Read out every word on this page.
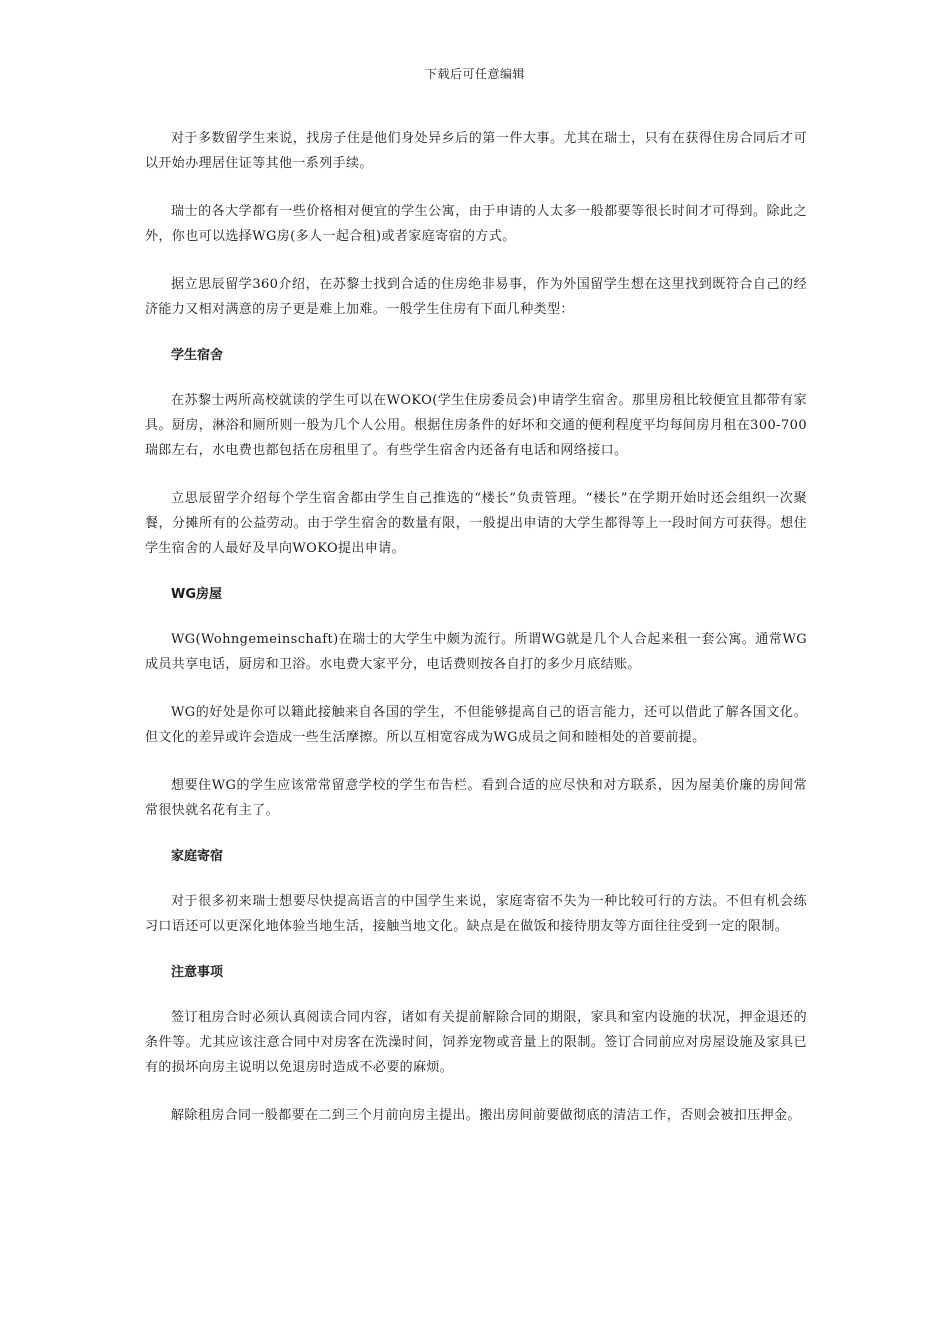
下载后可任意编辑

对于多数留学生来说，找房子住是他们身处异乡后的第一件大事。尤其在瑞士，只有在获得住房合同后才可以开始办理居住证等其他一系列手续。

瑞士的各大学都有一些价格相对便宜的学生公寓，由于申请的人太多一般都要等很长时间才可得到。除此之外，你也可以选择WG房(多人一起合租)或者家庭寄宿的方式。

据立思辰留学360介绍，在苏黎士找到合适的住房绝非易事，作为外国留学生想在这里找到既符合自己的经济能力又相对满意的房子更是难上加难。一般学生住房有下面几种类型：

学生宿舍

在苏黎士两所高校就读的学生可以在WOKO(学生住房委员会)申请学生宿舍。那里房租比较便宜且都带有家具。厨房，淋浴和厕所则一般为几个人公用。根据住房条件的好坏和交通的便利程度平均每间房月租在300-700瑞郎左右，水电费也都包括在房租里了。有些学生宿舍内还备有电话和网络接口。

立思辰留学介绍每个学生宿舍都由学生自己推选的“楼长”负责管理。“楼长”在学期开始时还会组织一次聚餐，分摊所有的公益劳动。由于学生宿舍的数量有限，一般提出申请的大学生都得等上一段时间方可获得。想住学生宿舍的人最好及早向WOKO提出申请。

WG房屋

WG(Wohngemeinschaft)在瑞士的大学生中颇为流行。所谓WG就是几个人合起来租一套公寓。通常WG成员共享电话，厨房和卫浴。水电费大家平分，电话费则按各自打的多少月底结账。

WG的好处是你可以籍此接触来自各国的学生，不但能够提高自己的语言能力，还可以借此了解各国文化。但文化的差异或许会造成一些生活摩擦。所以互相宽容成为WG成员之间和睦相处的首要前提。

想要住WG的学生应该常常留意学校的学生布告栏。看到合适的应尽快和对方联系，因为屋美价廉的房间常常很快就名花有主了。

家庭寄宿

对于很多初来瑞士想要尽快提高语言的中国学生来说，家庭寄宿不失为一种比较可行的方法。不但有机会练习口语还可以更深化地体验当地生活，接触当地文化。缺点是在做饭和接待朋友等方面往往受到一定的限制。

注意事项

签订租房合时必须认真阅读合同内容，诸如有关提前解除合同的期限，家具和室内设施的状况，押金退还的条件等。尤其应该注意合同中对房客在洗澡时间，饲养宠物或音量上的限制。签订合同前应对房屋设施及家具已有的损坏向房主说明以免退房时造成不必要的麻烦。

解除租房合同一般都要在二到三个月前向房主提出。搬出房间前要做彻底的清洁工作，否则会被扣压押金。
